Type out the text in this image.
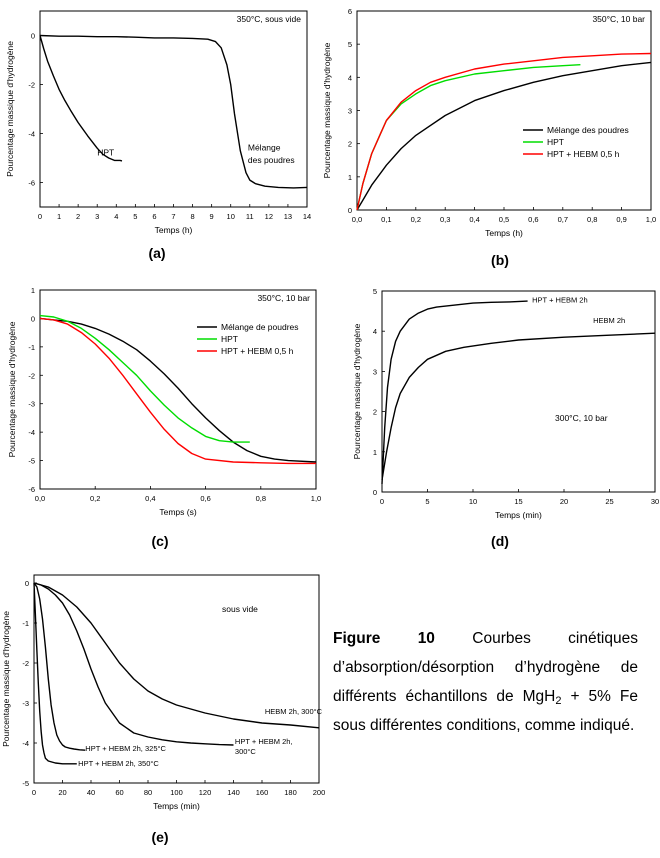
0 1 2 3 4 5 6 7 8 9 10 11 12 13 14
0
-2
-4
-6
Temps (h)
Pourcentage massique d'hydrogène
350°C, sous vide
HPT	Mélange
des poudres
(a)
0,0	0,1	0,2	0,3	0,4	0,5	0,6	0,7	0,8	0,9	1,0
0
1
2
3
4
5
6
Temps (h)
Pourcentage massique d'hydrogène
350°C, 10 bar
Mélange des poudres
HPT
HPT + HEBM 0,5 h
(b)
0,0	0,2	0,4	0,6	0,8	1,0
1
0
-1
-2
-3
-4
-5
-6
Temps (s)
Pourcentage massique d'hydrogène
350°C, 10 bar
Mélange de poudres
HPT
HPT + HEBM 0,5 h
(c)
0	5	10	15	20	25	30
0
1
2
3
4
5
Temps (min)
Pourcentage massique d'hydrogène	300°C, 10 bar
HPT + HEBM 2h
HEBM 2h
(d)
0	20	40	60	80 100 120 140 160 180 200
0
-1
-2
-3
-4
-5
Temps (min)
Pourcentage massique d'hydrogène
sous vide
HEBM 2h, 300°C
HPT + HEBM 2h,
300°C
HPT + HEBM 2h, 325°C
HPT + HEBM 2h, 350°C
(e)
Figure 10 Courbes cinétiques d’absorption/désorption d’hydrogène de différents échantillons de MgH$_2$ + 5% Fe sous différentes conditions, comme indiqué.
